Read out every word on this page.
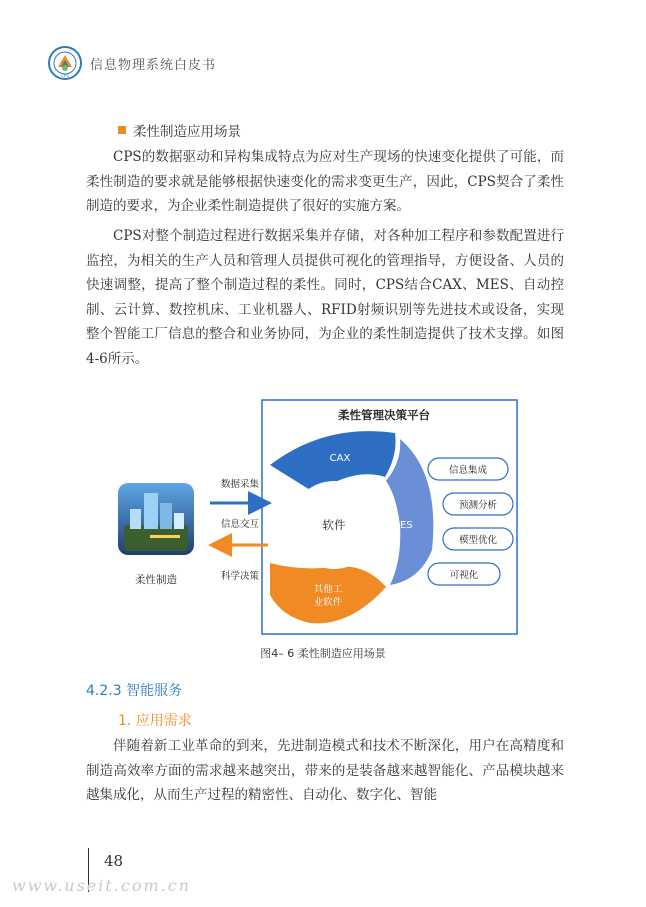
CPS
信息物理系统白皮书
柔性制造应用场景

CPS的数据驱动和异构集成特点为应对生产现场的快速变化提供了可能，而柔性制造的要求就是能够根据快速变化的需求变更生产，因此，CPS契合了柔性制造的要求，为企业柔性制造提供了很好的实施方案。

CPS对整个制造过程进行数据采集并存储，对各种加工程序和参数配置进行监控，为相关的生产人员和管理人员提供可视化的管理指导，方便设备、人员的快速调整，提高了整个制造过程的柔性。同时，CPS结合CAX、MES、自动控制、云计算、数控机床、工业机器人、RFID射频识别等先进技术或设备，实现整个智能工厂信息的整合和业务协同，为企业的柔性制造提供了技术支撑。如图4-6所示。

柔性管理决策平台
CAX
MES
其他工
业软件
软件
信息集成
预测分析
模型优化
可视化
柔性制造
数据采集
信息交互
科学决策
图4– 6 柔性制造应用场景
4.2.3 智能服务
1. 应用需求

伴随着新工业革命的到来，先进制造模式和技术不断深化，用户在高精度和制造高效率方面的需求越来越突出，带来的是装备越来越智能化、产品模块越来越集成化，从而生产过程的精密性、自动化、数字化、智能

48
www.useit.com.cn
